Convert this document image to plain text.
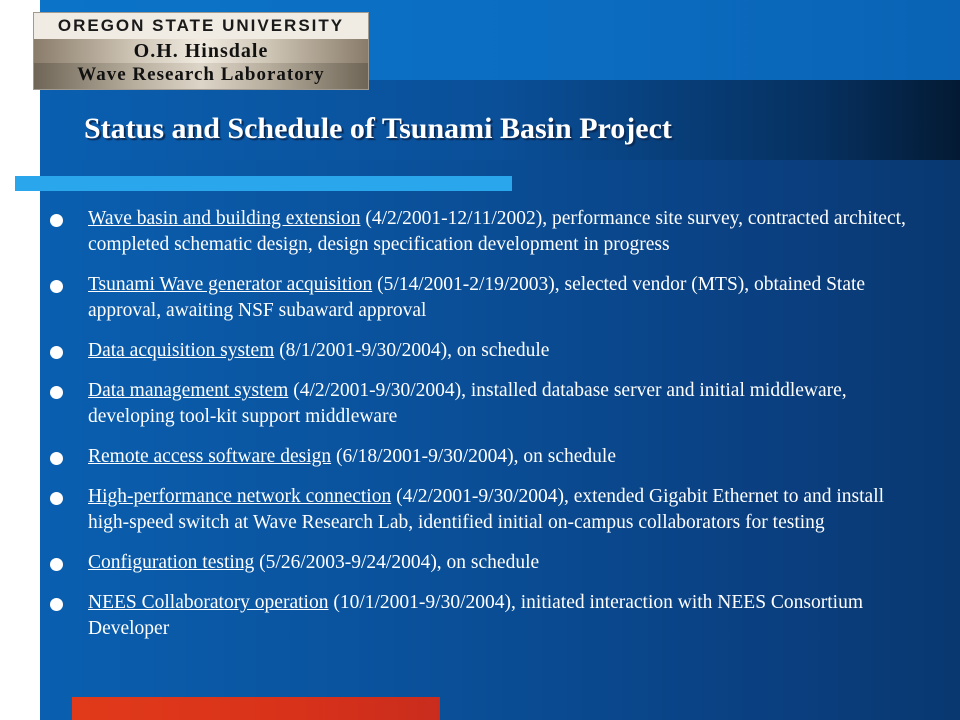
OREGON STATE UNIVERSITY
O.H. Hinsdale
Wave Research Laboratory
Status and Schedule of Tsunami Basin Project
Wave basin and building extension (4/2/2001-12/11/2002), performance site survey, contracted architect, completed schematic design, design specification development in progress
Tsunami Wave generator acquisition (5/14/2001-2/19/2003), selected vendor (MTS), obtained State approval, awaiting NSF subaward approval
Data acquisition system (8/1/2001-9/30/2004), on schedule
Data management system (4/2/2001-9/30/2004), installed database server and initial middleware, developing tool-kit support middleware
Remote access software design (6/18/2001-9/30/2004), on schedule
High-performance network connection (4/2/2001-9/30/2004), extended Gigabit Ethernet to and install high-speed switch at Wave Research Lab, identified initial on-campus collaborators for testing
Configuration testing (5/26/2003-9/24/2004), on schedule
NEES Collaboratory operation (10/1/2001-9/30/2004), initiated interaction with NEES Consortium Developer
